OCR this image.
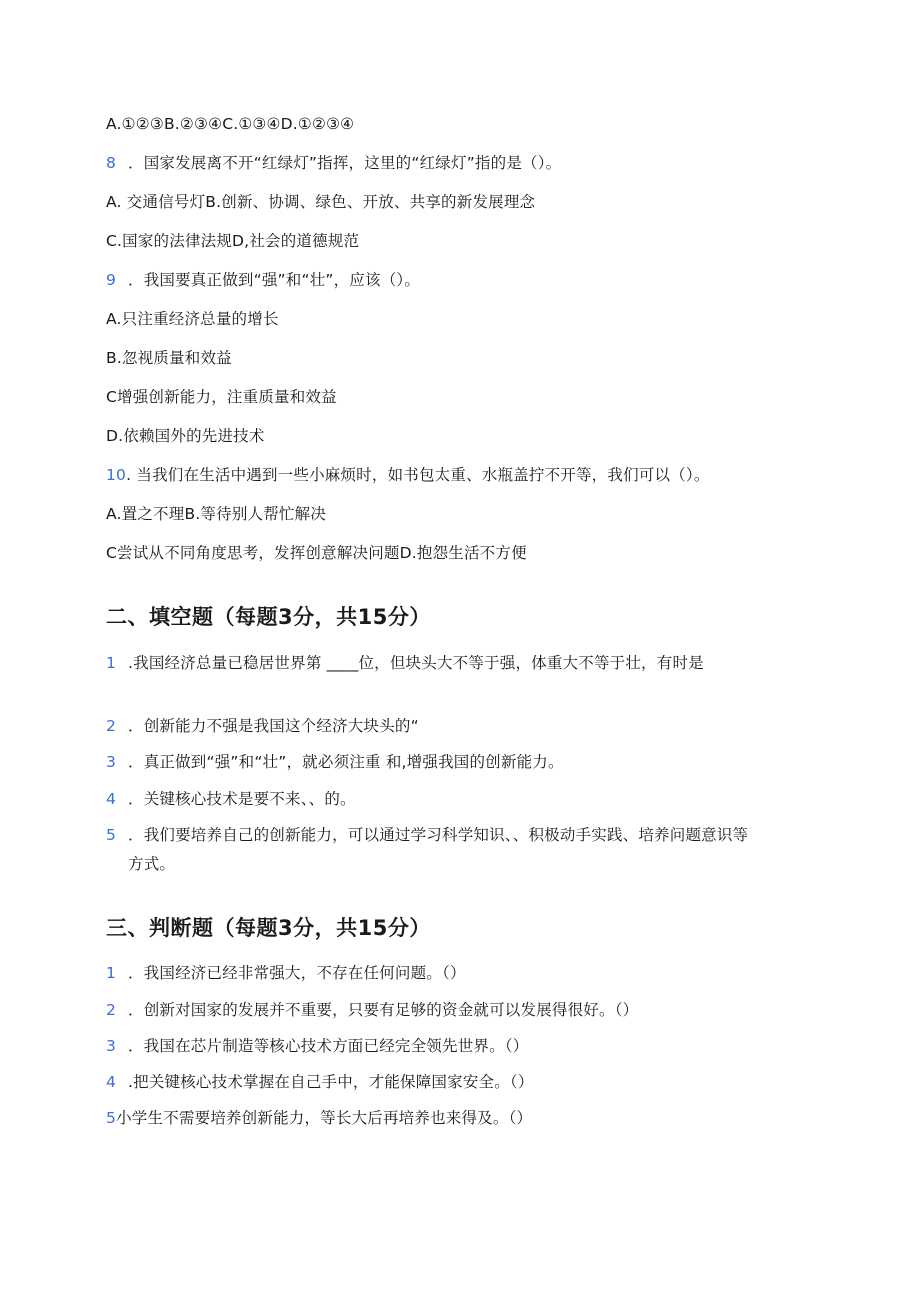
A.①②③B.②③④C.①③④D.①②③④
8 ．国家发展离不开“红绿灯”指挥，这里的“红绿灯”指的是（）。
A. 交通信号灯B.创新、协调、绿色、开放、共享的新发展理念
C.国家的法律法规D,社会的道德规范
9 ．我国要真正做到“强”和“壮”，应该（）。
A.只注重经济总量的增长
B.忽视质量和效益
C增强创新能力，注重质量和效益
D.依赖国外的先进技术
10. 当我们在生活中遇到一些小麻烦时，如书包太重、水瓶盖拧不开等，我们可以（）。
A.置之不理B.等待别人帮忙解决
C尝试从不同角度思考，发挥创意解决问题D.抱怨生活不方便
二、填空题（每题3分，共15分）
1 .我国经济总量已稳居世界第 ____位，但块头大不等于强，体重大不等于壮，有时是
2 ．创新能力不强是我国这个经济大块头的“
3 ．真正做到“强”和“壮”，就必须注重 和,增强我国的创新能力。
4 ．关键核心技术是要不来、、的。
5 ．我们要培养自己的创新能力，可以通过学习科学知识、、积极动手实践、培养问题意识等
方式。
三、判断题（每题3分，共15分）
1 ．我国经济已经非常强大，不存在任何问题。（）
2 ．创新对国家的发展并不重要，只要有足够的资金就可以发展得很好。（）
3 ．我国在芯片制造等核心技术方面已经完全领先世界。（）
4 .把关键核心技术掌握在自己手中，才能保障国家安全。（）
5小学生不需要培养创新能力，等长大后再培养也来得及。（）
